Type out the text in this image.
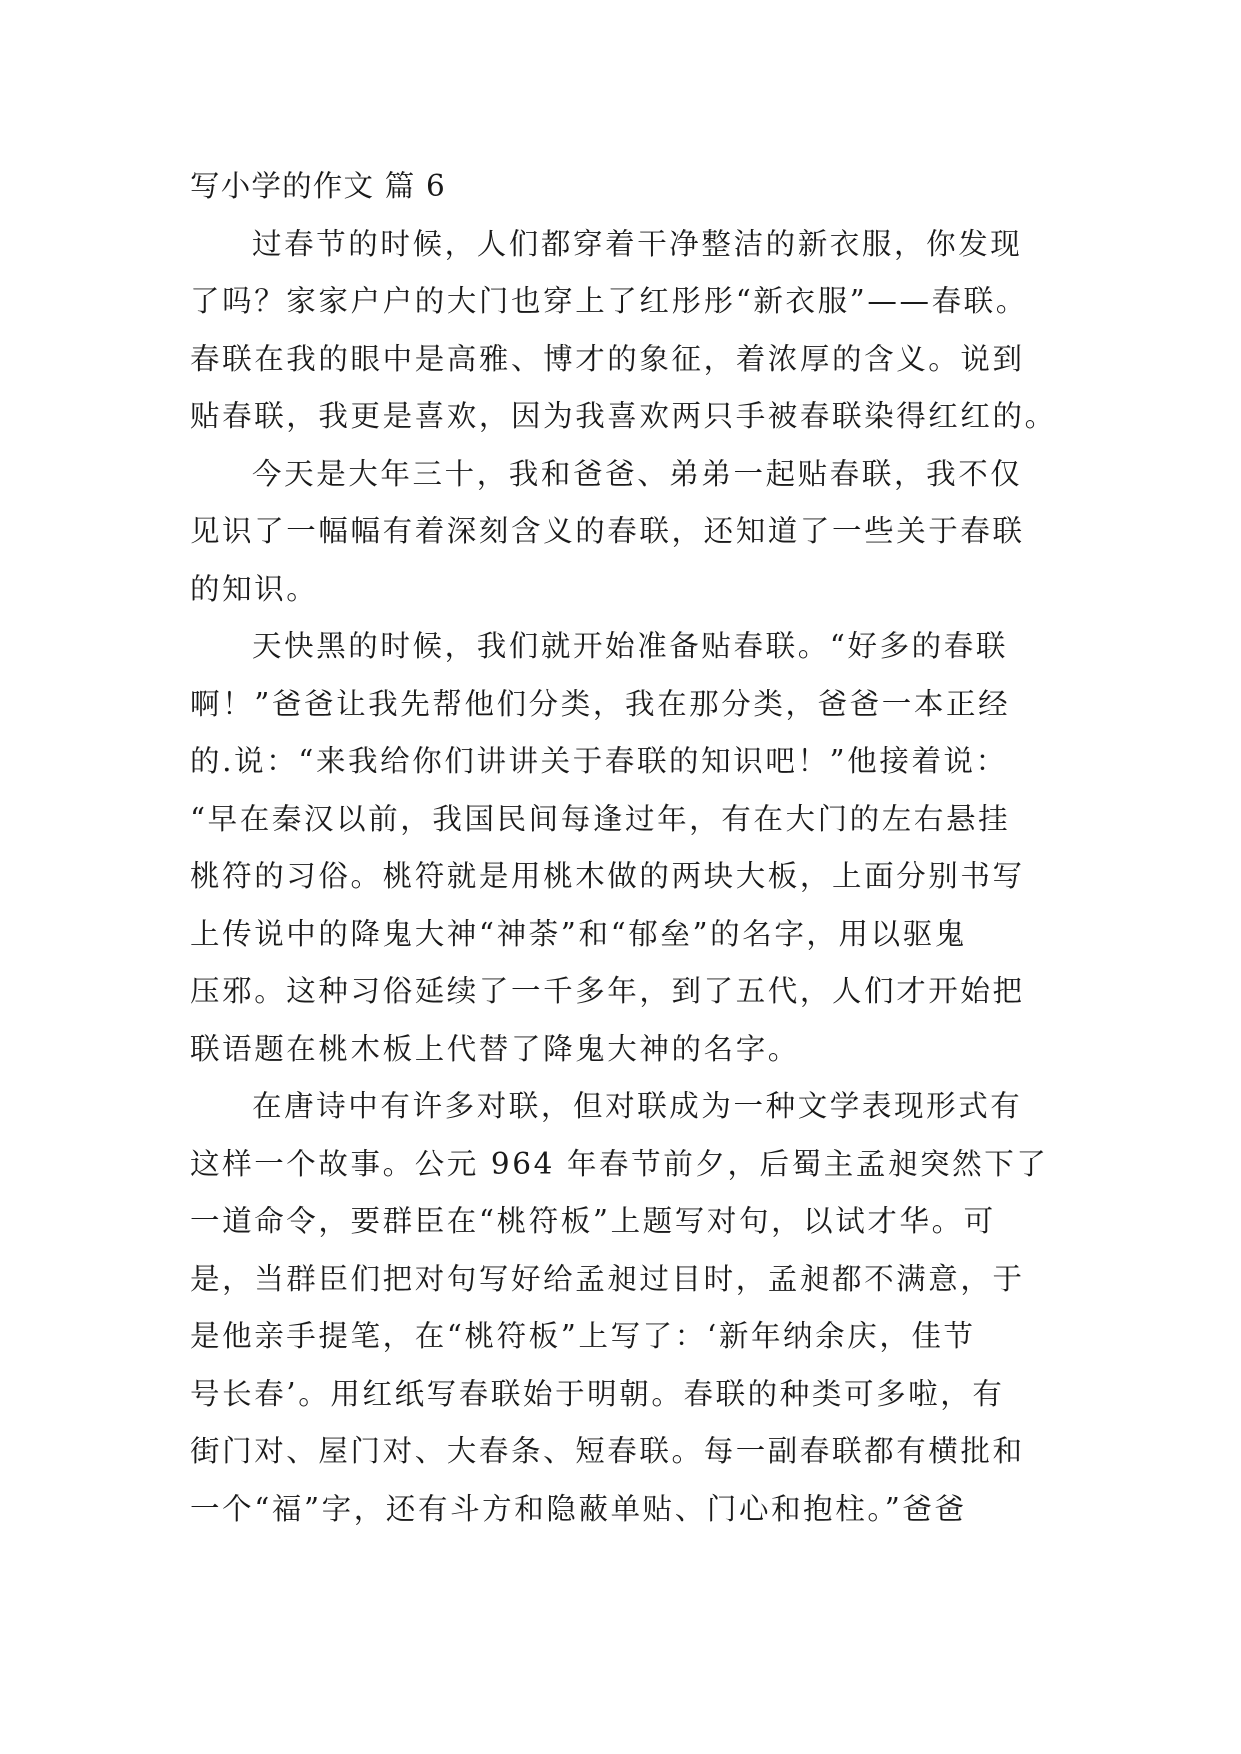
写小学的作文 篇 6

过春节的时候，人们都穿着干净整洁的新衣服，你发现

了吗？家家户户的大门也穿上了红彤彤“新衣服”——春联。

春联在我的眼中是高雅、博才的象征，着浓厚的含义。说到

贴春联，我更是喜欢，因为我喜欢两只手被春联染得红红的。

今天是大年三十，我和爸爸、弟弟一起贴春联，我不仅

见识了一幅幅有着深刻含义的春联，还知道了一些关于春联

的知识。

天快黑的时候，我们就开始准备贴春联。“好多的春联

啊！”爸爸让我先帮他们分类，我在那分类，爸爸一本正经

的.说：“来我给你们讲讲关于春联的知识吧！”他接着说：

“早在秦汉以前，我国民间每逢过年，有在大门的左右悬挂

桃符的习俗。桃符就是用桃木做的两块大板，上面分别书写

上传说中的降鬼大神“神荼”和“郁垒”的名字，用以驱鬼

压邪。这种习俗延续了一千多年，到了五代，人们才开始把

联语题在桃木板上代替了降鬼大神的名字。

在唐诗中有许多对联，但对联成为一种文学表现形式有

这样一个故事。公元 964 年春节前夕，后蜀主孟昶突然下了

一道命令，要群臣在“桃符板”上题写对句，以试才华。可

是，当群臣们把对句写好给孟昶过目时，孟昶都不满意，于

是他亲手提笔，在“桃符板”上写了：‘新年纳余庆，佳节

号长春’。用红纸写春联始于明朝。春联的种类可多啦，有

街门对、屋门对、大春条、短春联。每一副春联都有横批和

一个“福”字，还有斗方和隐蔽单贴、门心和抱柱。”爸爸
